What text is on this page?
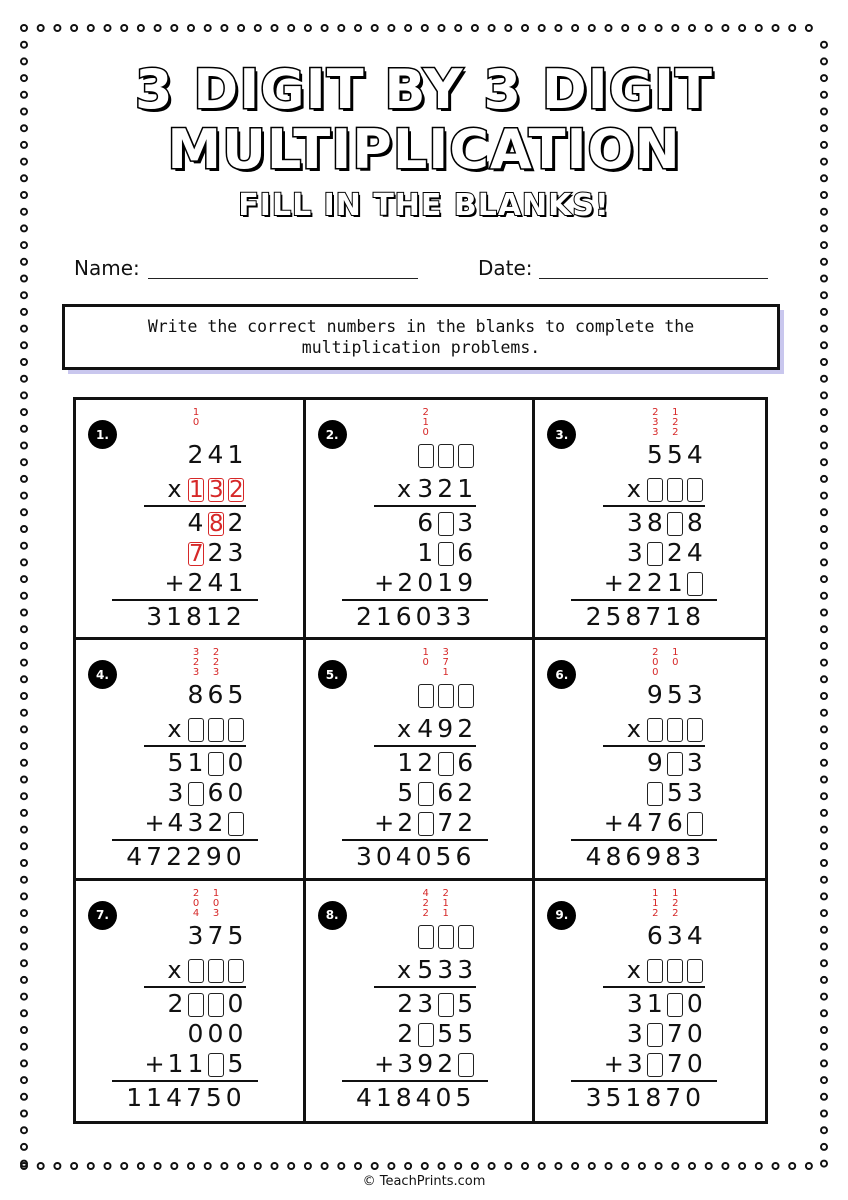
3 DIGIT BY 3 DIGIT
MULTIPLICATION
FILL IN THE BLANKS!
Name:	Date:
Write the correct numbers in the blanks to complete the multiplication problems.
1.
1
0
2 4 1
x 1 3 2
4 8 2
7 2 3
+ 2 4 1
31812
2.
2
1
0
x 3 2 1
6 3
1 6
+ 2 0 1 9
216033
3.
2
3
3
1
2
2
5 5 4
x
3 8 8
3 2 4
+ 2 2 1
258718
4.
3
2
3
2
2
3
8 6 5
x
5 1 0
3 6 0
+ 4 3 2
472290
5.
1
0
3
7
1
x 4 9 2
1 2 6
5 6 2
+ 2 7 2
304056
6.
2
0
0
1
0
9 5 3
x
9 3
5 3
+ 4 7 6
486983
7.
2
0
4
1
0
3
3 7 5
x
2 0
0 0 0
+ 1 1 5
114750
8.
4
2
2
2
1
1
x 5 3 3
2 3 5
2 5 5
+ 3 9 2
418405
9.
1
1
2
1
2
2
6 3 4
x
3 1 0
3 7 0
+ 3 7 0
351870
© TeachPrints.com
